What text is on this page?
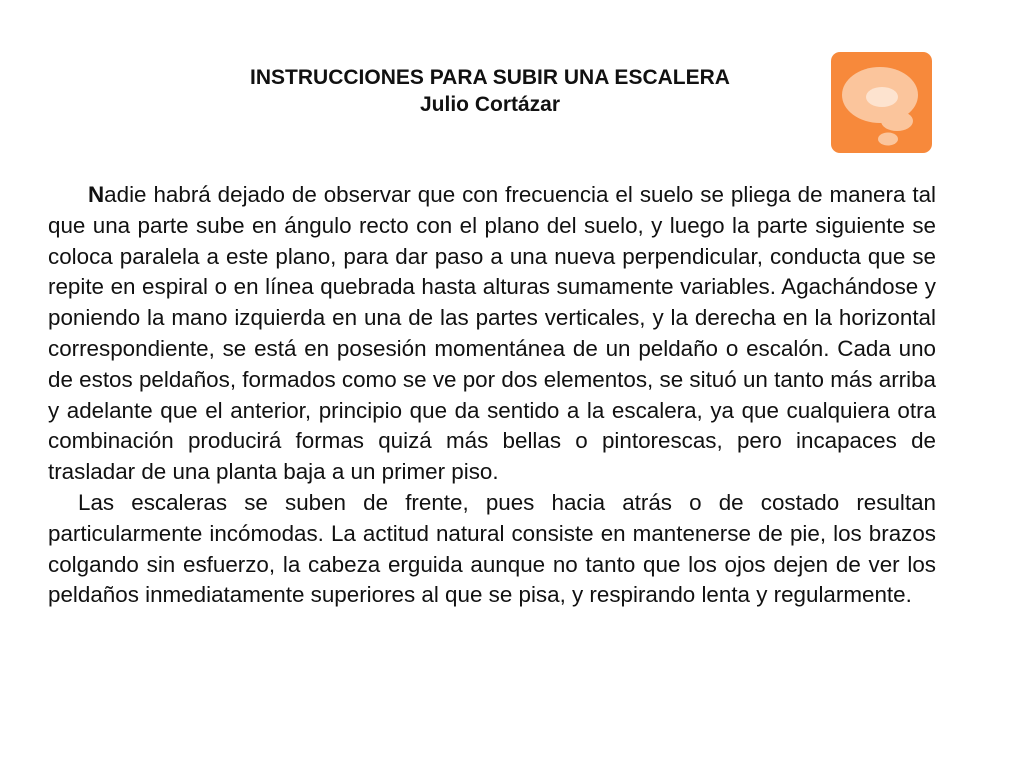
INSTRUCCIONES PARA SUBIR UNA ESCALERA
Julio Cortázar

Nadie habrá dejado de observar que con frecuencia el suelo se pliega de manera tal que una parte sube en ángulo recto con el plano del suelo, y luego la parte siguiente se coloca paralela a este plano, para dar paso a una nueva perpendicular, conducta que se repite en espiral o en línea quebrada hasta alturas sumamente variables. Agachándose y poniendo la mano izquierda en una de las partes verticales, y la derecha en la horizontal correspondiente, se está en posesión momentánea de un peldaño o escalón. Cada uno de estos peldaños, formados como se ve por dos elementos, se situó un tanto más arriba y adelante que el anterior, principio que da sentido a la escalera, ya que cualquiera otra combinación producirá formas quizá más bellas o pintorescas, pero incapaces de trasladar de una planta baja a un primer piso.

Las escaleras se suben de frente, pues hacia atrás o de costado resultan particularmente incómodas. La actitud natural consiste en mantenerse de pie, los brazos colgando sin esfuerzo, la cabeza erguida aunque no tanto que los ojos dejen de ver los peldaños inmediatamente superiores al que se pisa, y respirando lenta y regularmente.
